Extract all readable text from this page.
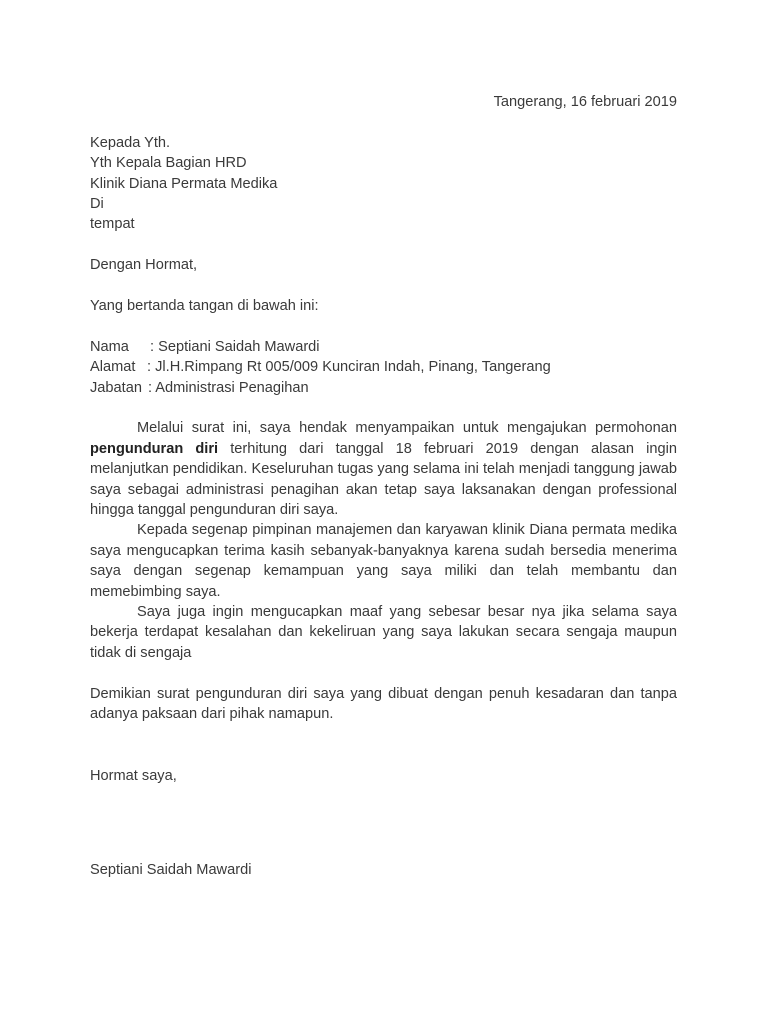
Tangerang, 16 februari 2019
Kepada Yth.
Yth Kepala Bagian HRD
Klinik Diana Permata Medika
Di
tempat
Dengan Hormat,
Yang bertanda tangan di bawah ini:
Nama: Septiani Saidah Mawardi
Alamat: Jl.H.Rimpang Rt 005/009 Kunciran Indah, Pinang, Tangerang
Jabatan: Administrasi Penagihan
Melalui surat ini, saya hendak menyampaikan untuk mengajukan permohonan pengunduran diri terhitung dari tanggal 18 februari 2019 dengan alasan ingin melanjutkan pendidikan. Keseluruhan tugas yang selama ini telah menjadi tanggung jawab saya sebagai administrasi penagihan akan tetap saya laksanakan dengan professional hingga tanggal pengunduran diri saya.
Kepada segenap pimpinan manajemen dan karyawan klinik Diana permata medika saya mengucapkan terima kasih sebanyak-banyaknya karena sudah bersedia menerima saya dengan segenap kemampuan yang saya miliki dan telah membantu dan memebimbing saya.
Saya juga ingin mengucapkan maaf yang sebesar besar nya jika selama saya bekerja terdapat kesalahan dan kekeliruan yang saya lakukan secara sengaja maupun tidak di sengaja
Demikian surat pengunduran diri saya yang dibuat dengan penuh kesadaran dan tanpa adanya paksaan dari pihak namapun.
Hormat saya,
Septiani Saidah Mawardi
